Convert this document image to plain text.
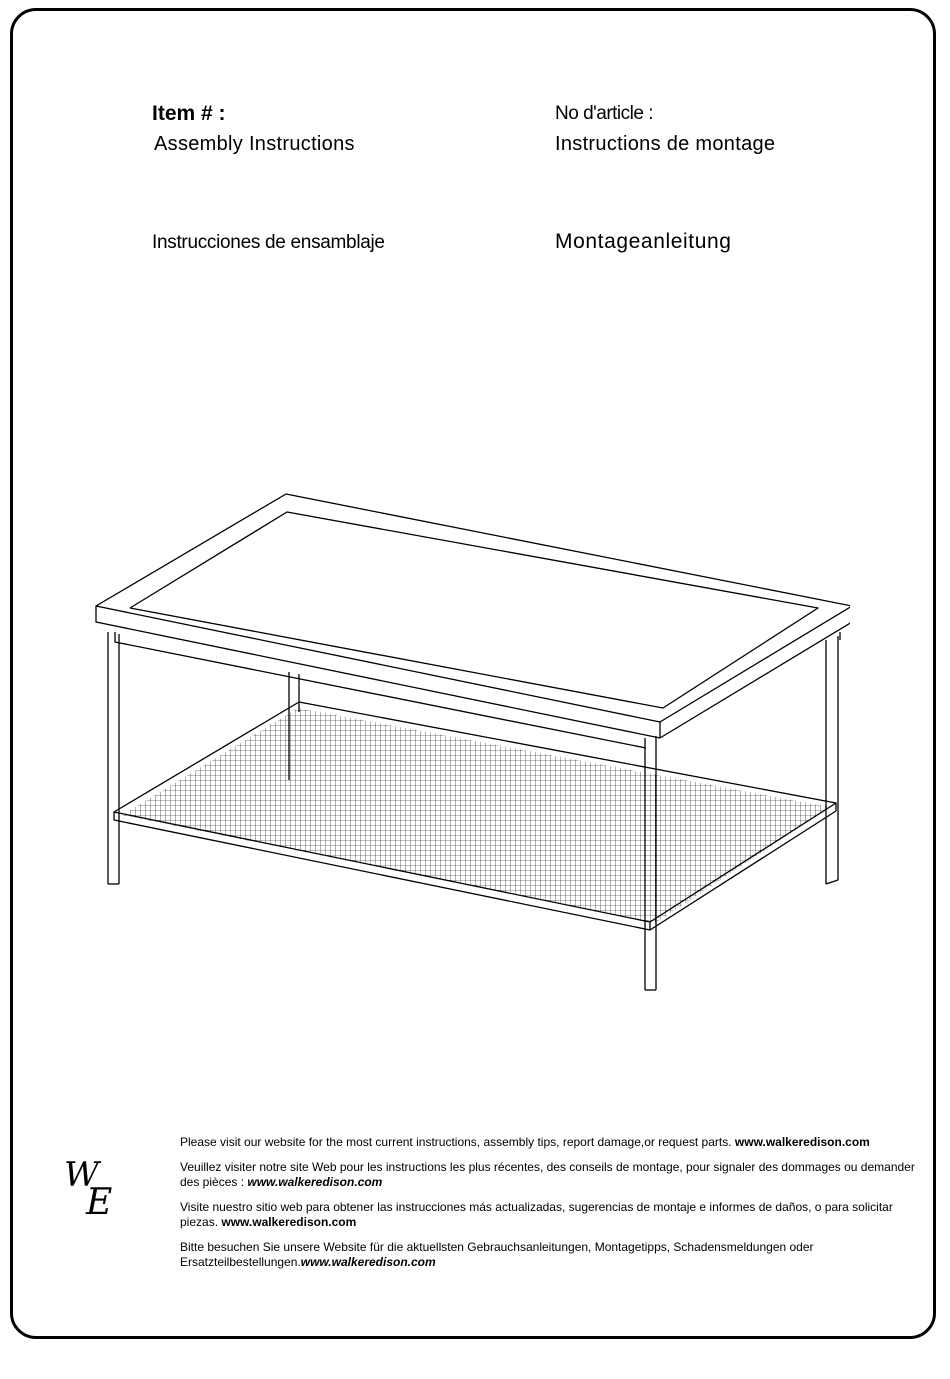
Item # :
Assembly Instructions
No d'article :
Instructions de montage
Instrucciones de ensamblaje	Montageanleitung
W
E

Please visit our website for the most current instructions, assembly tips, report damage,or request parts. www.walkeredison.com

Veuillez visiter notre site Web pour les instructions les plus récentes, des conseils de montage, pour signaler des dommages ou demander des pièces : www.walkeredison.com

Visite nuestro sitio web para obtener las instrucciones más actualizadas, sugerencias de montaje e informes de daños, o para solicitar piezas. www.walkeredison.com

Bitte besuchen Sie unsere Website für die aktuellsten Gebrauchsanleitungen, Montagetipps, Schadensmeldungen oder Ersatzteilbestellungen.www.walkeredison.com
